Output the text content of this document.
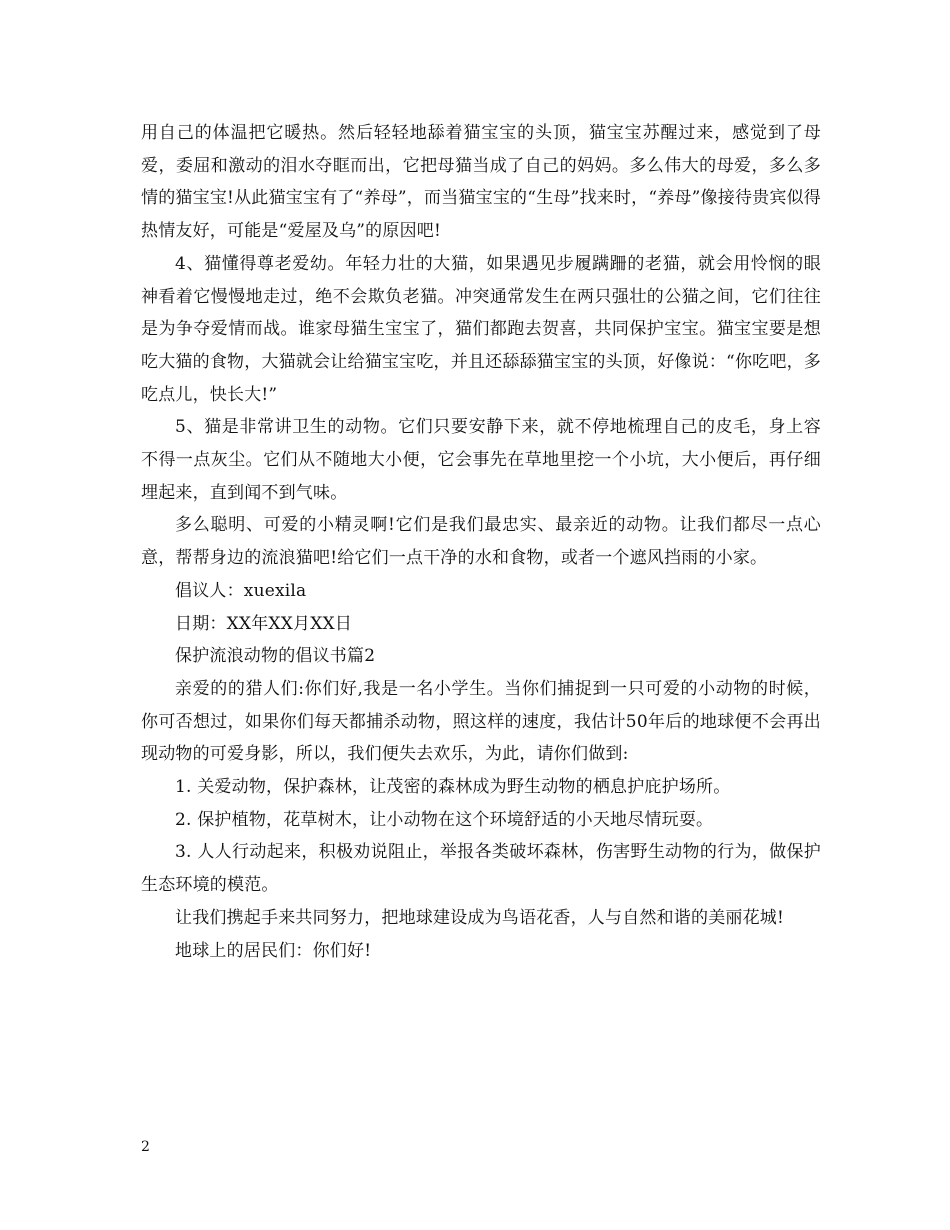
用自己的体温把它暖热。然后轻轻地舔着猫宝宝的头顶，猫宝宝苏醒过来，感觉到了母爱，委屈和激动的泪水夺眶而出，它把母猫当成了自己的妈妈。多么伟大的母爱，多么多情的猫宝宝!从此猫宝宝有了“养母”，而当猫宝宝的“生母”找来时，“养母”像接待贵宾似得热情友好，可能是“爱屋及乌”的原因吧!

4、猫懂得尊老爱幼。年轻力壮的大猫，如果遇见步履蹒跚的老猫，就会用怜悯的眼神看着它慢慢地走过，绝不会欺负老猫。冲突通常发生在两只强壮的公猫之间，它们往往是为争夺爱情而战。谁家母猫生宝宝了，猫们都跑去贺喜，共同保护宝宝。猫宝宝要是想吃大猫的食物，大猫就会让给猫宝宝吃，并且还舔舔猫宝宝的头顶，好像说：“你吃吧，多吃点儿，快长大!”

5、猫是非常讲卫生的动物。它们只要安静下来，就不停地梳理自己的皮毛，身上容不得一点灰尘。它们从不随地大小便，它会事先在草地里挖一个小坑，大小便后，再仔细埋起来，直到闻不到气味。

多么聪明、可爱的小精灵啊!它们是我们最忠实、最亲近的动物。让我们都尽一点心意，帮帮身边的流浪猫吧!给它们一点干净的水和食物，或者一个遮风挡雨的小家。

倡议人：xuexila

日期：XX年XX月XX日

保护流浪动物的倡议书篇2

亲爱的的猎人们:你们好,我是一名小学生。当你们捕捉到一只可爱的小动物的时候，你可否想过，如果你们每天都捕杀动物，照这样的速度，我估计50年后的地球便不会再出现动物的可爱身影，所以，我们便失去欢乐，为此，请你们做到:

1. 关爱动物，保护森林，让茂密的森林成为野生动物的栖息护庇护场所。

2. 保护植物，花草树木，让小动物在这个环境舒适的小天地尽情玩耍。

3. 人人行动起来，积极劝说阻止，举报各类破坏森林，伤害野生动物的行为，做保护生态环境的模范。

让我们携起手来共同努力，把地球建设成为鸟语花香，人与自然和谐的美丽花城!

地球上的居民们：你们好!

2
